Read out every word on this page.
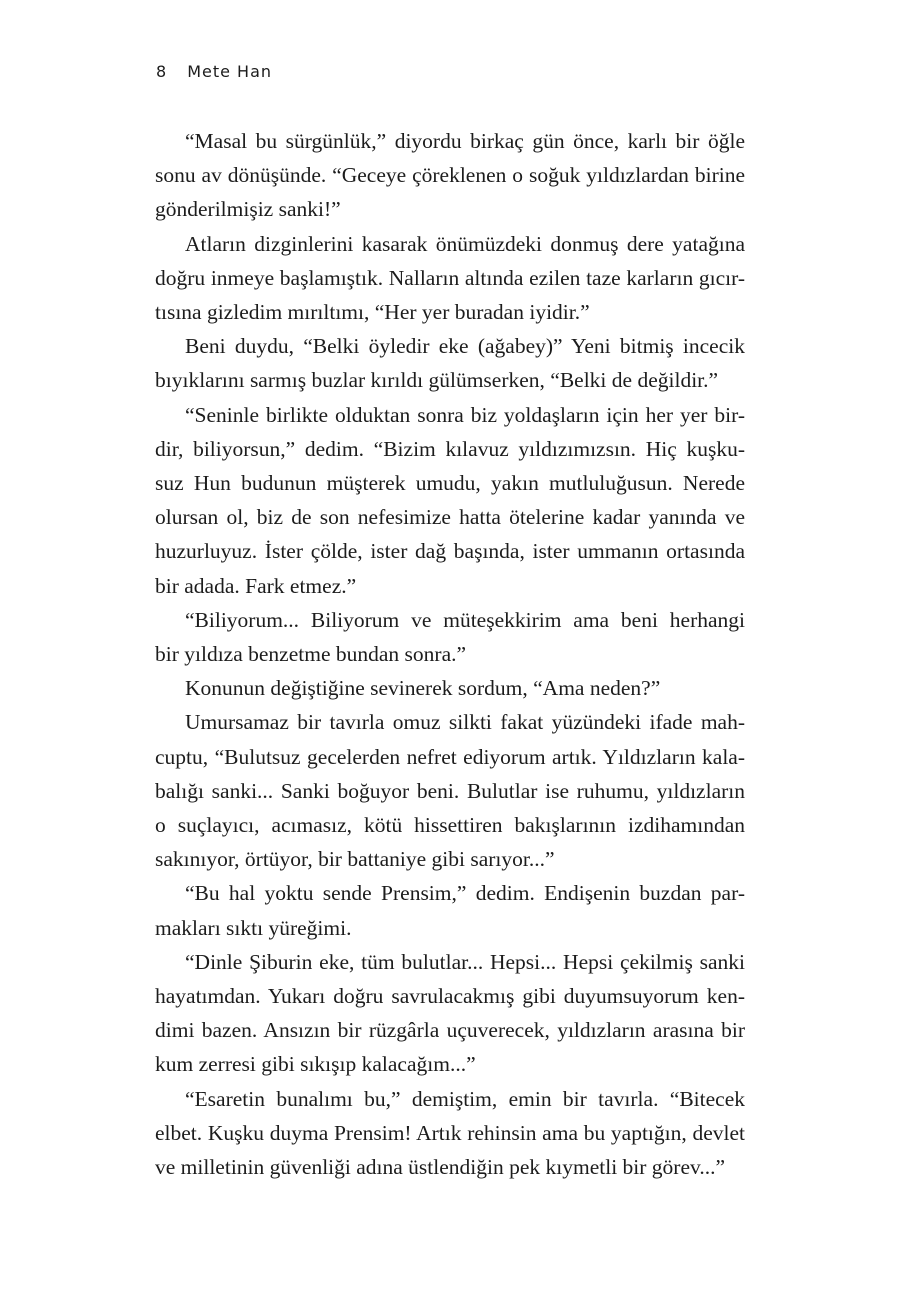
8 Mete Han
“Masal bu sürgünlük,” diyordu birkaç gün önce, karlı bir öğle
sonu av dönüşünde. “Geceye çöreklenen o soğuk yıldızlardan birine
gönderilmişiz sanki!”
Atların dizginlerini kasarak önümüzdeki donmuş dere yatağına
doğru inmeye başlamıştık. Nalların altında ezilen taze karların gıcır-
tısına gizledim mırıltımı, “Her yer buradan iyidir.”
Beni duydu, “Belki öyledir eke (ağabey)” Yeni bitmiş incecik
bıyıklarını sarmış buzlar kırıldı gülümserken, “Belki de değildir.”
“Seninle birlikte olduktan sonra biz yoldaşların için her yer bir-
dir, biliyorsun,” dedim. “Bizim kılavuz yıldızımızsın. Hiç kuşku-
suz Hun budunun müşterek umudu, yakın mutluluğusun. Nerede
olursan ol, biz de son nefesimize hatta ötelerine kadar yanında ve
huzurluyuz. İster çölde, ister dağ başında, ister ummanın ortasında
bir adada. Fark etmez.”
“Biliyorum... Biliyorum ve müteşekkirim ama beni herhangi
bir yıldıza benzetme bundan sonra.”
Konunun değiştiğine sevinerek sordum, “Ama neden?”
Umursamaz bir tavırla omuz silkti fakat yüzündeki ifade mah-
cuptu, “Bulutsuz gecelerden nefret ediyorum artık. Yıldızların kala-
balığı sanki... Sanki boğuyor beni. Bulutlar ise ruhumu, yıldızların
o suçlayıcı, acımasız, kötü hissettiren bakışlarının izdihamından
sakınıyor, örtüyor, bir battaniye gibi sarıyor...”
“Bu hal yoktu sende Prensim,” dedim. Endişenin buzdan par-
makları sıktı yüreğimi.
“Dinle Şiburin eke, tüm bulutlar... Hepsi... Hepsi çekilmiş sanki
hayatımdan. Yukarı doğru savrulacakmış gibi duyumsuyorum ken-
dimi bazen. Ansızın bir rüzgârla uçuverecek, yıldızların arasına bir
kum zerresi gibi sıkışıp kalacağım...”
“Esaretin bunalımı bu,” demiştim, emin bir tavırla. “Bitecek
elbet. Kuşku duyma Prensim! Artık rehinsin ama bu yaptığın, devlet
ve milletinin güvenliği adına üstlendiğin pek kıymetli bir görev...”
